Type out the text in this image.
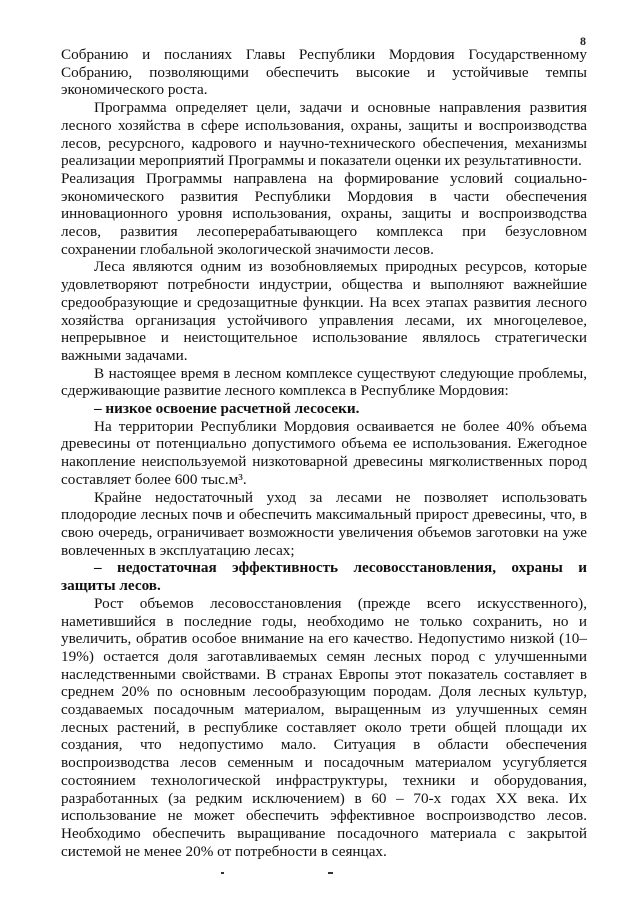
8

Собранию и посланиях Главы Республики Мордовия Государственному Собранию, позволяющими обеспечить высокие и устойчивые темпы экономического роста.

Программа определяет цели, задачи и основные направления развития лесного хозяйства в сфере использования, охраны, защиты и воспроизводства лесов, ресурсного, кадрового и научно-технического обеспечения, механизмы реализации мероприятий Программы и показатели оценки их результативности.

Реализация Программы направлена на формирование условий социально-экономического развития Республики Мордовия в части обеспечения инновационного уровня использования, охраны, защиты и воспроизводства лесов, развития лесоперерабатывающего комплекса при безусловном сохранении глобальной экологической значимости лесов.

Леса являются одним из возобновляемых природных ресурсов, которые удовлетворяют потребности индустрии, общества и выполняют важнейшие средообразующие и средозащитные функции. На всех этапах развития лесного хозяйства организация устойчивого управления лесами, их многоцелевое, непрерывное и неистощительное использование являлось стратегически важными задачами.

В настоящее время в лесном комплексе существуют следующие проблемы, сдерживающие развитие лесного комплекса в Республике Мордовия:

– низкое освоение расчетной лесосеки.

На территории Республики Мордовия осваивается не более 40% объема древесины от потенциально допустимого объема ее использования. Ежегодное накопление неиспользуемой низкотоварной древесины мягколиственных пород составляет более 600 тыс.м³.

Крайне недостаточный уход за лесами не позволяет использовать плодородие лесных почв и обеспечить максимальный прирост древесины, что, в свою очередь, ограничивает возможности увеличения объемов заготовки на уже вовлеченных в эксплуатацию лесах;

– недостаточная эффективность лесовосстановления, охраны и защиты лесов.

Рост объемов лесовосстановления (прежде всего искусственного), наметившийся в последние годы, необходимо не только сохранить, но и увеличить, обратив особое внимание на его качество. Недопустимо низкой (10–19%) остается доля заготавливаемых семян лесных пород с улучшенными наследственными свойствами. В странах Европы этот показатель составляет в среднем 20% по основным лесообразующим породам. Доля лесных культур, создаваемых посадочным материалом, выращенным из улучшенных семян лесных растений, в республике составляет около трети общей площади их создания, что недопустимо мало. Ситуация в области обеспечения воспроизводства лесов семенным и посадочным материалом усугубляется состоянием технологической инфраструктуры, техники и оборудования, разработанных (за редким исключением) в 60 – 70-х годах XX века. Их использование не может обеспечить эффективное воспроизводство лесов. Необходимо обеспечить выращивание посадочного материала с закрытой системой не менее 20% от потребности в сеянцах.
